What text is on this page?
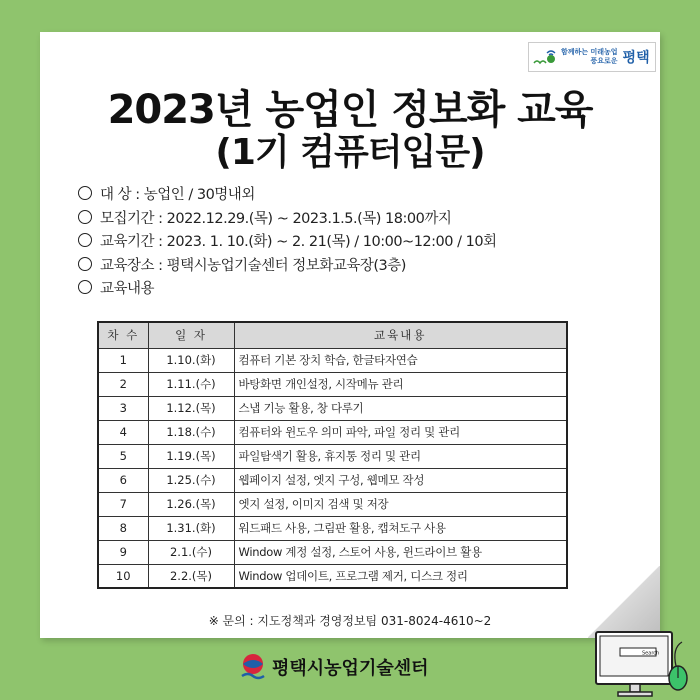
함께하는 미래농업
풍요로운 평택
2023년 농업인 정보화 교육
(1기 컴퓨터입문)
대 상 : 농업인 / 30명내외
모집기간 : 2022.12.29.(목) ~ 2023.1.5.(목) 18:00까지
교육기간 : 2023. 1. 10.(화) ~ 2. 21(목) / 10:00~12:00 / 10회
교육장소 : 평택시농업기술센터 정보화교육장(3층)
교육내용
차 수	일 자	교육내용
1	1.10.(화)	컴퓨터 기본 장치 학습, 한글타자연습
2	1.11.(수)	바탕화면 개인설정, 시작메뉴 관리
3	1.12.(목)	스냅 기능 활용, 창 다루기
4	1.18.(수)	컴퓨터와 윈도우 의미 파악, 파일 정리 및 관리
5	1.19.(목)	파일탐색기 활용, 휴지통 정리 및 관리
6	1.25.(수)	웹페이지 설정, 엣지 구성, 웹메모 작성
7	1.26.(목)	엣지 설정, 이미지 검색 및 저장
8	1.31.(화)	워드패드 사용, 그림판 활용, 캡쳐도구 사용
9	2.1.(수)	Window 계정 설정, 스토어 사용, 윈드라이브 활용
10	2.2.(목)	Window 업데이트, 프로그램 제거, 디스크 정리
※ 문의 : 지도정책과 경영정보팀 031-8024-4610~2
평택시농업기술센터
Search
